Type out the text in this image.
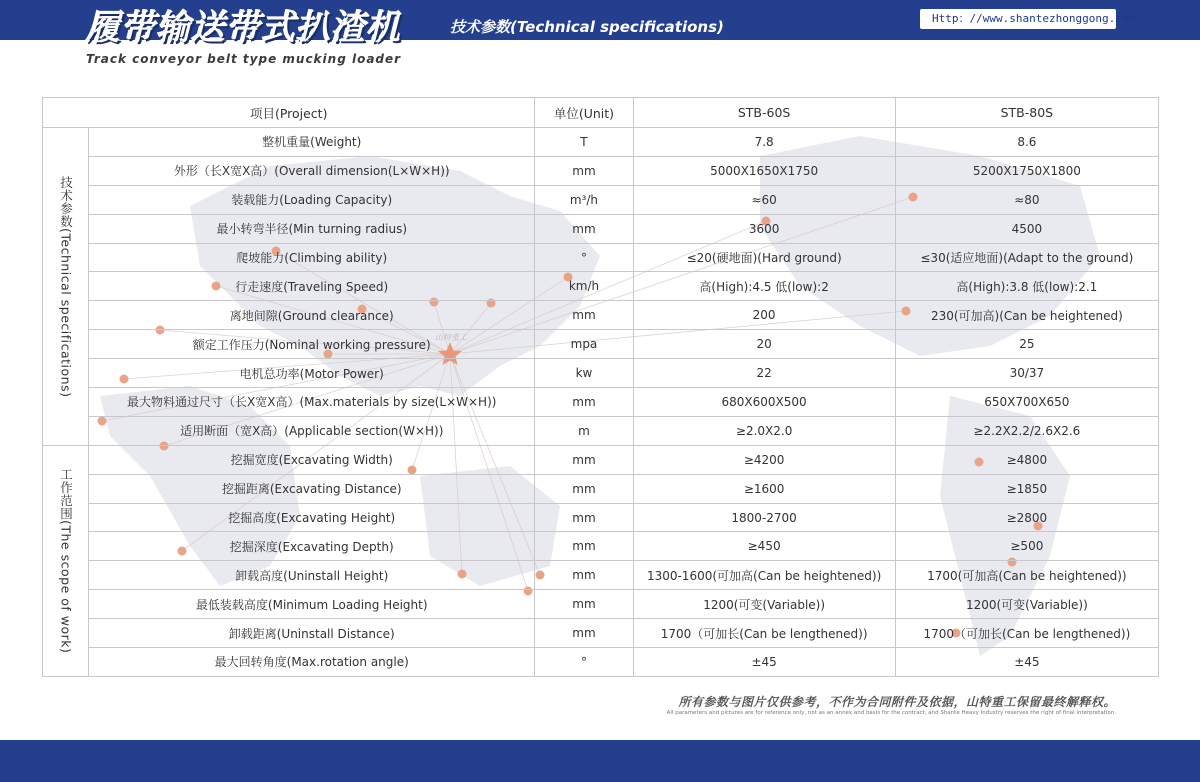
履带输送带式扒渣机
Track conveyor belt type mucking loader
技术参数(Technical specifications)	Http：//www.shantezhonggong.com
山特重工
项目(Project)		单位(Unit)	STB-60S	STB-80S
技术参数(Technical specifications)	整机重量(Weight)	T	7.8	8.6
	外形（长X宽X高）(Overall dimension(L×W×H))	mm	5000X1650X1750	5200X1750X1800
	装载能力(Loading Capacity)	m³/h	≈60	≈80
	最小转弯半径(Min turning radius)	mm	3600	4500
	爬坡能力(Climbing ability)	°	≤20(硬地面)(Hard ground)	≤30(适应地面)(Adapt to the ground)
	行走速度(Traveling Speed)	km/h	高(High):4.5 低(low):2	高(High):3.8 低(low):2.1
	离地间隙(Ground clearance)	mm	200	230(可加高)(Can be heightened)
	额定工作压力(Nominal working pressure)	mpa	20	25
	电机总功率(Motor Power)	kw	22	30/37
	最大物料通过尺寸（长X宽X高）(Max.materials by size(L×W×H))	mm	680X600X500	650X700X650
	适用断面（宽X高）(Applicable section(W×H))	m	≥2.0X2.0	≥2.2X2.2/2.6X2.6
工作范围(The scope of work)	挖掘宽度(Excavating Width)	mm	≥4200	≥4800
	挖掘距离(Excavating Distance)	mm	≥1600	≥1850
	挖掘高度(Excavating Height)	mm	1800-2700	≥2800
	挖掘深度(Excavating Depth)	mm	≥450	≥500
	卸载高度(Uninstall Height)	mm	1300-1600(可加高(Can be heightened))	1700(可加高(Can be heightened))
	最低装载高度(Minimum Loading Height)	mm	1200(可变(Variable))	1200(可变(Variable))
	卸载距离(Uninstall Distance)	mm	1700（可加长(Can be lengthened))	1700（可加长(Can be lengthened))
	最大回转角度(Max.rotation angle)	°	±45	±45
所有参数与图片仅供参考，不作为合同附件及依据，山特重工保留最终解释权。
All parameters and pictures are for reference only, not as an annex and basis for the contract, and Shante Heavy Industry reserves the right of final interpretation.
